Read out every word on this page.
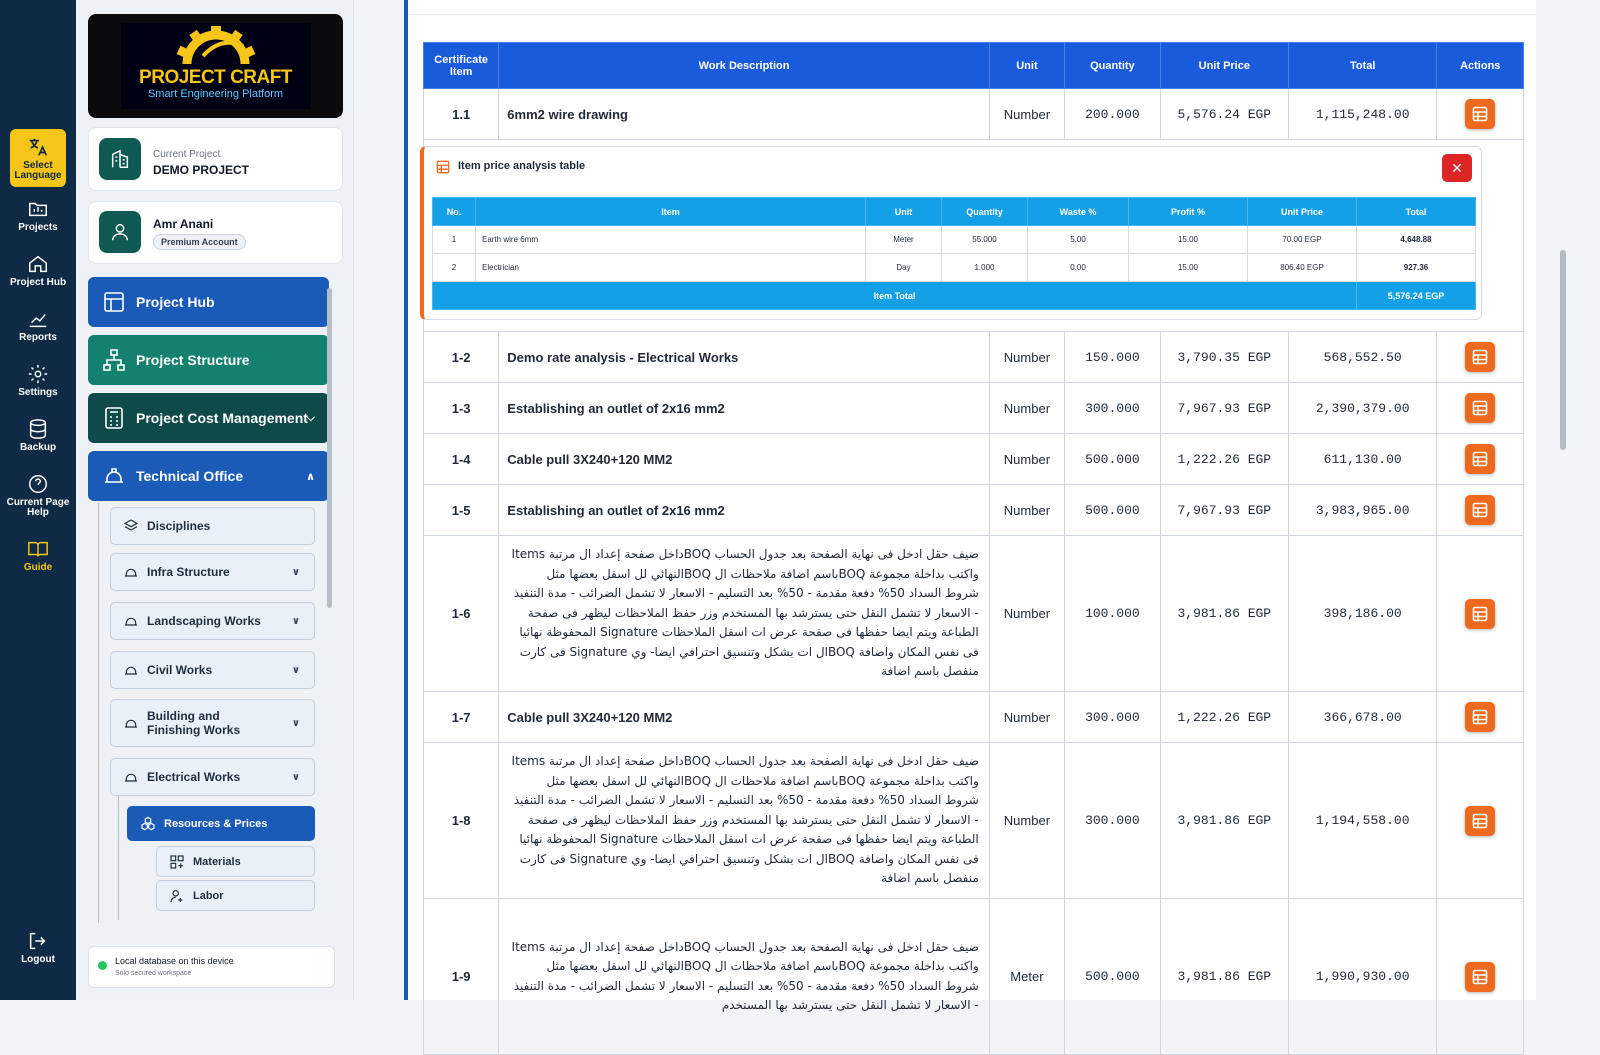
Select Language
Projects
Project Hub
Reports
Settings
Backup
Current Page Help
Guide
Logout
PROJECT CRAFT
Smart Engineering Platform
Current Project
DEMO PROJECT
Amr Anani
Premium Account
Project Hub
Project Structure
Project Cost Management
⌵
Technical Office	∧
Disciplines
Infra Structure	∨
Landscaping Works	∨
Civil Works	∨
Building and Finishing Works	∨
Electrical Works	∨
Resources & Prices
Materials
Labor
Local database on this device
Solo secured workspace
Certificate Item	Work Description	Unit	Quantity	Unit Price	Total	Actions
1.1	6mm2 wire drawing	Number	200.000	5,576.24 EGP	1,115,248.00	

1-2	Demo rate analysis - Electrical Works	Number	150.000	3,790.35 EGP	568,552.50	

1-3	Establishing an outlet of 2x16 mm2	Number	300.000	7,967.93 EGP	2,390,379.00	

1-4	Cable pull 3X240+120 MM2	Number	500.000	1,222.26 EGP	611,130.00	

1-5	Establishing an outlet of 2x16 mm2	Number	500.000	7,967.93 EGP	3,983,965.00	

1-6	ضيف حقل ادخل فى نهاية الصفحة بعد جدول الحساب BOQداخل صفحة إعداد ال مرتبة Items واكتب بداخلة مجموعة BOQباسم اضافة ملاحظات ال BOQالنهائي لل اسفل بعضها مثل شروط السداد 50% دفعة مقدمة - 50% بعد التسليم - الاسعار لا تشمل الضرائب - مدة التنفيذ - الاسعار لا تشمل النقل حتى يسترشد بها المستخدم وزر حفظ الملاحظات ليظهر فى صفحة الطباعة ويتم ايضا حفظها فى صفحة عرض ات اسفل الملاحظات Signature المحفوظة نهائيا فى نفس المكان واضافة BOQال ات بشكل وتنسيق احترافي ايضا- وي Signature فى كارت منفصل باسم اضافة	Number	100.000	3,981.86 EGP	398,186.00	

1-7	Cable pull 3X240+120 MM2	Number	300.000	1,222.26 EGP	366,678.00	

1-8	ضيف حقل ادخل فى نهاية الصفحة بعد جدول الحساب BOQداخل صفحة إعداد ال مرتبة Items واكتب بداخلة مجموعة BOQباسم اضافة ملاحظات ال BOQالنهائي لل اسفل بعضها مثل شروط السداد 50% دفعة مقدمة - 50% بعد التسليم - الاسعار لا تشمل الضرائب - مدة التنفيذ - الاسعار لا تشمل النقل حتى يسترشد بها المستخدم وزر حفظ الملاحظات ليظهر فى صفحة الطباعة ويتم ايضا حفظها فى صفحة عرض ات اسفل الملاحظات Signature المحفوظة نهائيا فى نفس المكان واضافة BOQال ات بشكل وتنسيق احترافي ايضا- وي Signature فى كارت منفصل باسم اضافة	Number	300.000	3,981.86 EGP	1,194,558.00	

1-9	ضيف حقل ادخل فى نهاية الصفحة بعد جدول الحساب BOQداخل صفحة إعداد ال مرتبة Items واكتب بداخلة مجموعة BOQباسم اضافة ملاحظات ال BOQالنهائي لل اسفل بعضها مثل شروط السداد 50% دفعة مقدمة - 50% بعد التسليم - الاسعار لا تشمل الضرائب - مدة التنفيذ - الاسعار لا تشمل النقل حتى يسترشد بها المستخدم	Meter	500.000	3,981.86 EGP	1,990,930.00	
Item price analysis table	✕
No.	Item	Unit	Quantity	Waste %	Profit %	Unit Price	Total
1	Earth wire 6mm	Meter	55.000	5.00	15.00	70.00 EGP	4,648.88
2	Electrician	Day	1.000	0.00	15.00	806.40 EGP	927.36
Item Total							5,576.24 EGP
